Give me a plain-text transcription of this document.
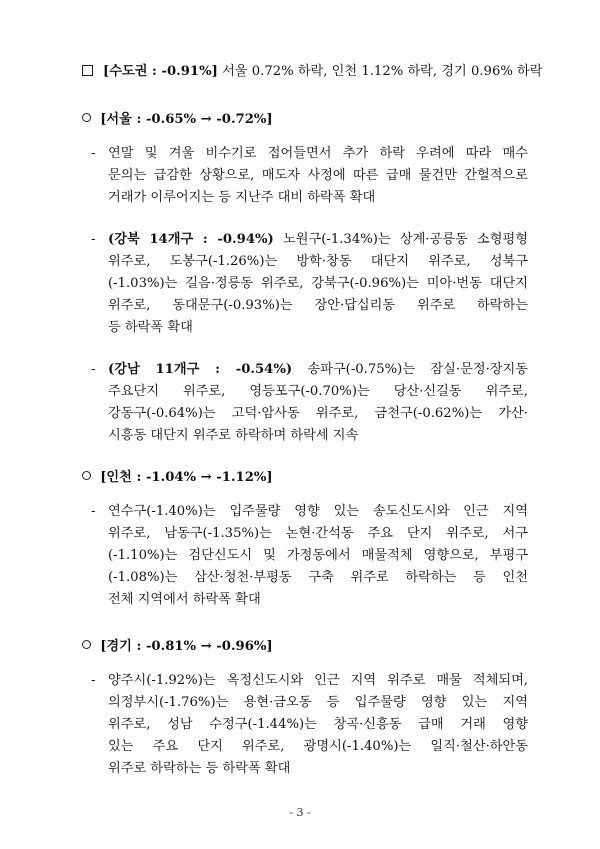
[수도권 : -0.91%] 서울 0.72% 하락, 인천 1.12% 하락, 경기 0.96% 하락
[서울 : -0.65% → -0.72%]
- 연말 및 겨울 비수기로 접어들면서 추가 하락 우려에 따라 매수
문의는 급감한 상황으로, 매도자 사정에 따른 급매 물건만 간헐적으로
거래가 이루어지는 등 지난주 대비 하락폭 확대
- (강북 14개구 : -0.94%) 노원구(-1.34%)는 상계·공릉동 소형평형
위주로, 도봉구(-1.26%)는 방학·창동 대단지 위주로, 성북구
(-1.03%)는 길음·정릉동 위주로, 강북구(-0.96%)는 미아·번동 대단지
위주로, 동대문구(-0.93%)는 장안·답십리동 위주로 하락하는
등 하락폭 확대
- (강남 11개구 : -0.54%) 송파구(-0.75%)는 잠실·문정·장지동
주요단지 위주로, 영등포구(-0.70%)는 당산·신길동 위주로,
강동구(-0.64%)는 고덕·암사동 위주로, 금천구(-0.62%)는 가산·
시흥동 대단지 위주로 하락하며 하락세 지속
[인천 : -1.04% → -1.12%]
- 연수구(-1.40%)는 입주물량 영향 있는 송도신도시와 인근 지역
위주로, 남동구(-1.35%)는 논현·간석동 주요 단지 위주로, 서구
(-1.10%)는 검단신도시 및 가정동에서 매물적체 영향으로, 부평구
(-1.08%)는 삼산·청천·부평동 구축 위주로 하락하는 등 인천
전체 지역에서 하락폭 확대
[경기 : -0.81% → -0.96%]
- 양주시(-1.92%)는 옥정신도시와 인근 지역 위주로 매물 적체되며,
의정부시(-1.76%)는 용현·금오동 등 입주물량 영향 있는 지역
위주로, 성남 수정구(-1.44%)는 창곡·신흥동 급매 거래 영향
있는 주요 단지 위주로, 광명시(-1.40%)는 일직·철산·하안동
위주로 하락하는 등 하락폭 확대
- 3 -
